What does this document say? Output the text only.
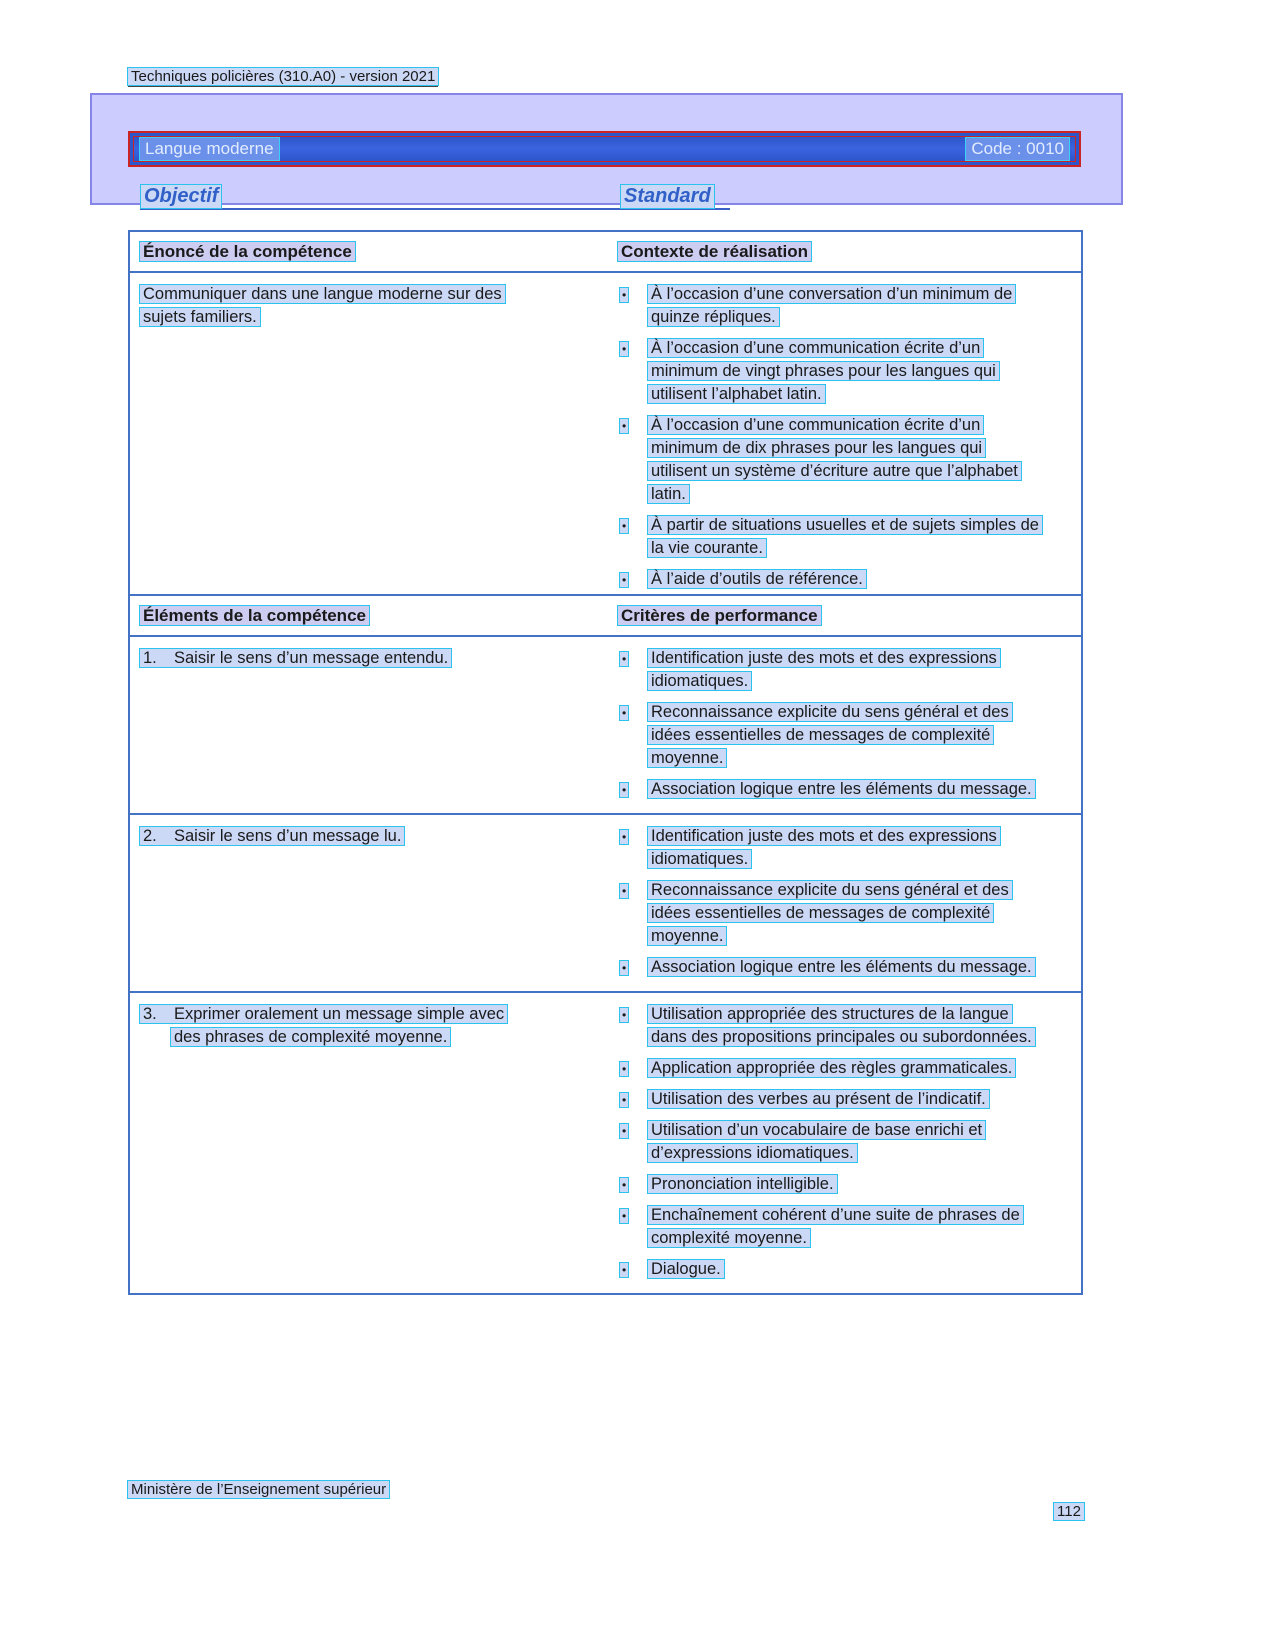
Techniques policières (310.A0) - version 2021
Langue moderne	Code : 0010
Objectif	Standard
Énoncé de la compétence	Contexte de réalisation
Communiquer dans une langue moderne sur des sujets familiers.
•	À l’occasion d’une conversation d’un minimum de quinze répliques.
•	À l’occasion d’une communication écrite d’un minimum de vingt phrases pour les langues qui utilisent l’alphabet latin.
•	À l’occasion d’une communication écrite d’un minimum de dix phrases pour les langues qui utilisent un système d’écriture autre que l’alphabet latin.
•	À partir de situations usuelles et de sujets simples de la vie courante.
•	À l’aide d’outils de référence.
Éléments de la compétence	Critères de performance
1. Saisir le sens d’un message entendu.	•	Identification juste des mots et des expressions idiomatiques.
•	Reconnaissance explicite du sens général et des idées essentielles de messages de complexité moyenne.
•	Association logique entre les éléments du message.
2. Saisir le sens d’un message lu.	•	Identification juste des mots et des expressions idiomatiques.
•	Reconnaissance explicite du sens général et des idées essentielles de messages de complexité moyenne.
•	Association logique entre les éléments du message.
3. Exprimer oralement un message simple avec des phrases de complexité moyenne.
•	Utilisation appropriée des structures de la langue dans des propositions principales ou subordonnées.
•	Application appropriée des règles grammaticales.
•	Utilisation des verbes au présent de l’indicatif.
•	Utilisation d’un vocabulaire de base enrichi et d’expressions idiomatiques.
•	Prononciation intelligible.
•	Enchaînement cohérent d’une suite de phrases de complexité moyenne.
•	Dialogue.
Ministère de l’Enseignement supérieur
112
